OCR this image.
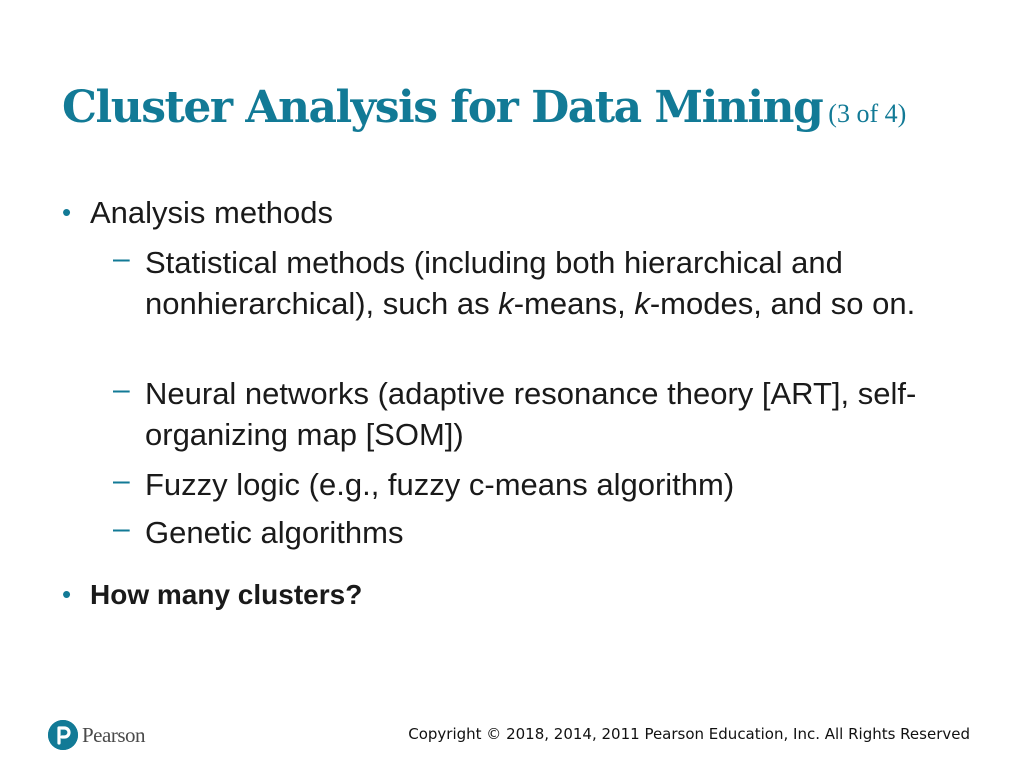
Cluster Analysis for Data Mining (3 of 4)
• Analysis methods
– Statistical methods (including both hierarchical and nonhierarchical), such as k-means, k-modes, and so on.
– Neural networks (adaptive resonance theory [ART], self-organizing map [SOM])
– Fuzzy logic (e.g., fuzzy c-means algorithm)
– Genetic algorithms
• How many clusters?
Pearson	Copyright © 2018, 2014, 2011 Pearson Education, Inc. All Rights Reserved
